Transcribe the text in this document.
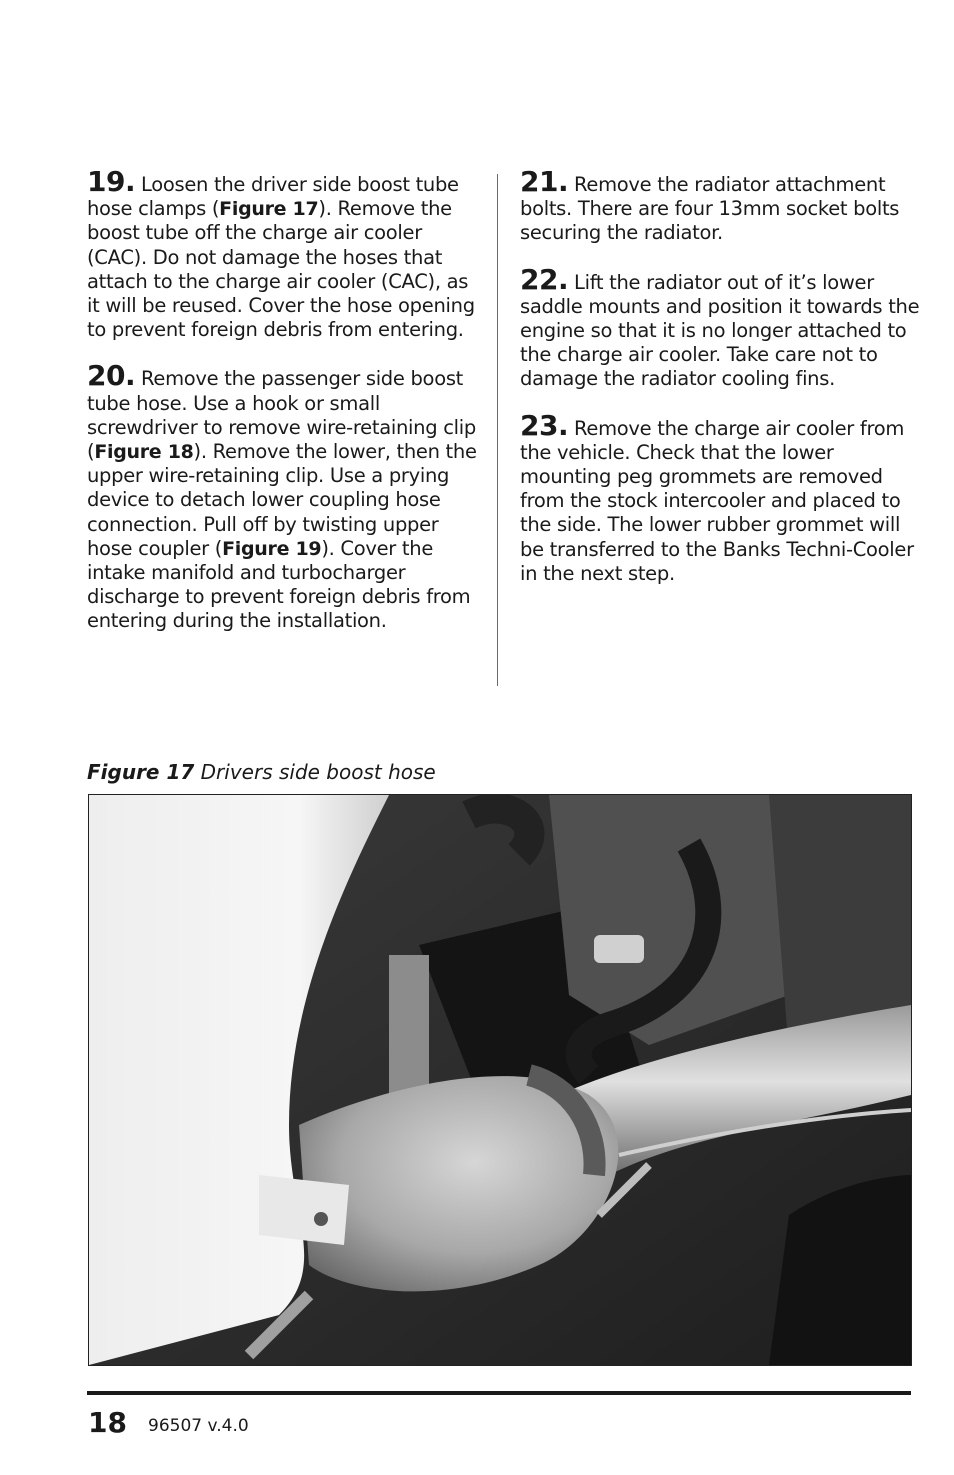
19. Loosen the driver side boost tube hose clamps (Figure 17). Remove the boost tube off the charge air cooler (CAC). Do not damage the hoses that attach to the charge air cooler (CAC), as it will be reused. Cover the hose opening to prevent foreign debris from entering.

20. Remove the passenger side boost tube hose. Use a hook or small screwdriver to remove wire-retaining clip (Figure 18). Remove the lower, then the upper wire-retaining clip. Use a prying device to detach lower coupling hose connection. Pull off by twisting upper hose coupler (Figure 19). Cover the intake manifold and turbocharger discharge to prevent foreign debris from entering during the installation.

21. Remove the radiator attachment bolts. There are four 13mm socket bolts securing the radiator.

22. Lift the radiator out of it’s lower saddle mounts and position it towards the engine so that it is no longer attached to the charge air cooler. Take care not to damage the radiator cooling fins.

23. Remove the charge air cooler from the vehicle. Check that the lower mounting peg grommets are removed from the stock intercooler and placed to the side. The lower rubber grommet will be transferred to the Banks Techni-Cooler in the next step.

Figure 17 Drivers side boost hose
18 96507 v.4.0
